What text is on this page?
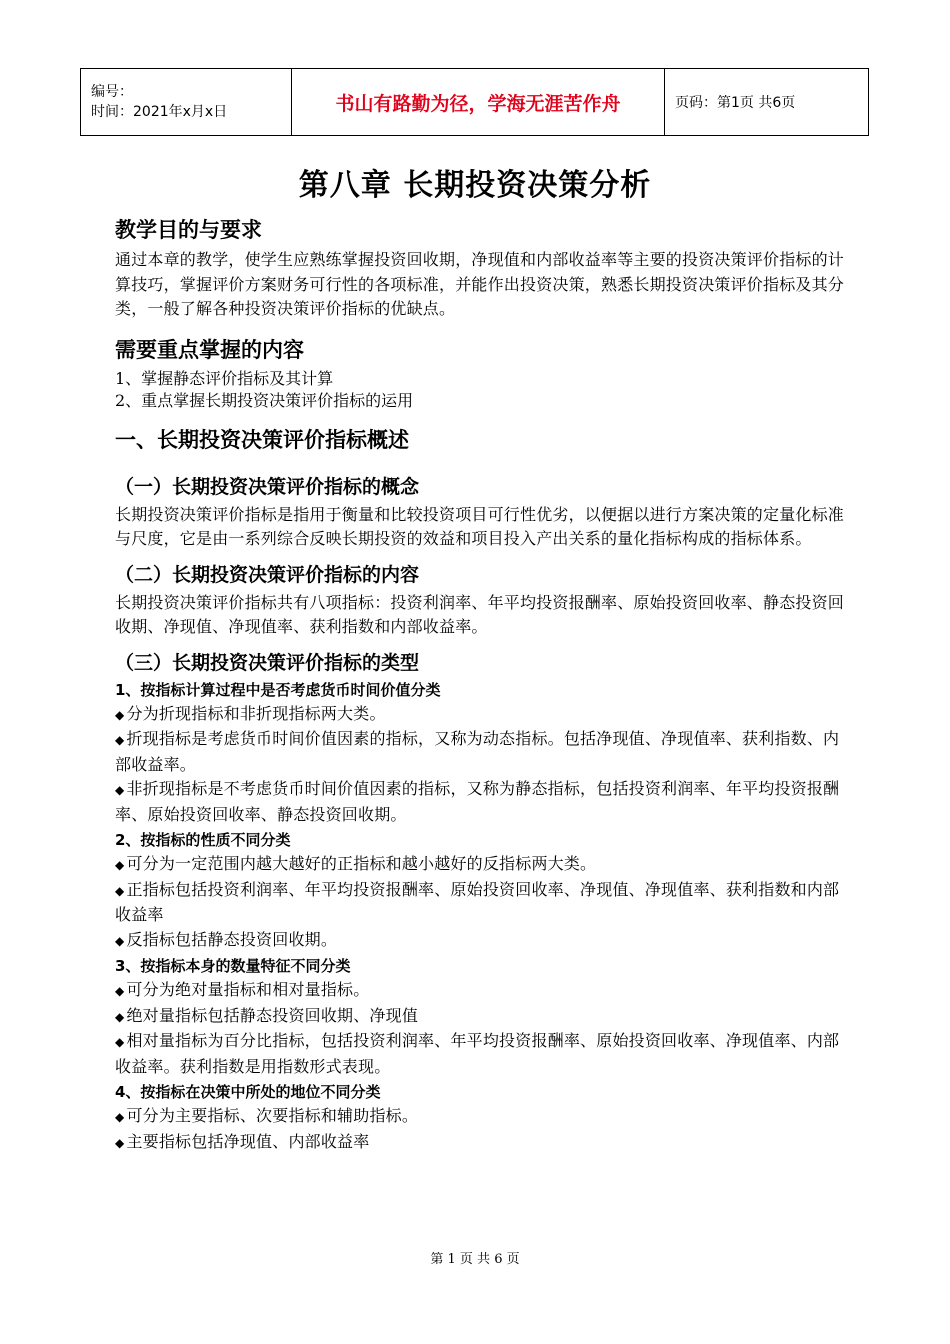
编号：
时间：2021年x月x日	书山有路勤为径，学海无涯苦作舟	页码：第1页 共6页
第八章 长期投资决策分析
教学目的与要求

通过本章的教学，使学生应熟练掌握投资回收期，净现值和内部收益率等主要的投资决策评价指标的计算技巧，掌握评价方案财务可行性的各项标准，并能作出投资决策，熟悉长期投资决策评价指标及其分类，一般了解各种投资决策评价指标的优缺点。

需要重点掌握的内容
1、掌握静态评价指标及其计算
2、重点掌握长期投资决策评价指标的运用
一、长期投资决策评价指标概述
（一）长期投资决策评价指标的概念

长期投资决策评价指标是指用于衡量和比较投资项目可行性优劣，以便据以进行方案决策的定量化标准与尺度，它是由一系列综合反映长期投资的效益和项目投入产出关系的量化指标构成的指标体系。

（二）长期投资决策评价指标的内容

长期投资决策评价指标共有八项指标：投资利润率、年平均投资报酬率、原始投资回收率、静态投资回收期、净现值、净现值率、获利指数和内部收益率。

（三）长期投资决策评价指标的类型
1、按指标计算过程中是否考虑货币时间价值分类

◆ 分为折现指标和非折现指标两大类。

◆ 折现指标是考虑货币时间价值因素的指标，又称为动态指标。包括净现值、净现值率、获利指数、内部收益率。

◆ 非折现指标是不考虑货币时间价值因素的指标，又称为静态指标，包括投资利润率、年平均投资报酬率、原始投资回收率、静态投资回收期。

2、按指标的性质不同分类

◆ 可分为一定范围内越大越好的正指标和越小越好的反指标两大类。

◆ 正指标包括投资利润率、年平均投资报酬率、原始投资回收率、净现值、净现值率、获利指数和内部收益率

◆ 反指标包括静态投资回收期。

3、按指标本身的数量特征不同分类

◆ 可分为绝对量指标和相对量指标。

◆ 绝对量指标包括静态投资回收期、净现值

◆ 相对量指标为百分比指标，包括投资利润率、年平均投资报酬率、原始投资回收率、净现值率、内部收益率。获利指数是用指数形式表现。

4、按指标在决策中所处的地位不同分类

◆ 可分为主要指标、次要指标和辅助指标。

◆ 主要指标包括净现值、内部收益率

第 1 页 共 6 页
